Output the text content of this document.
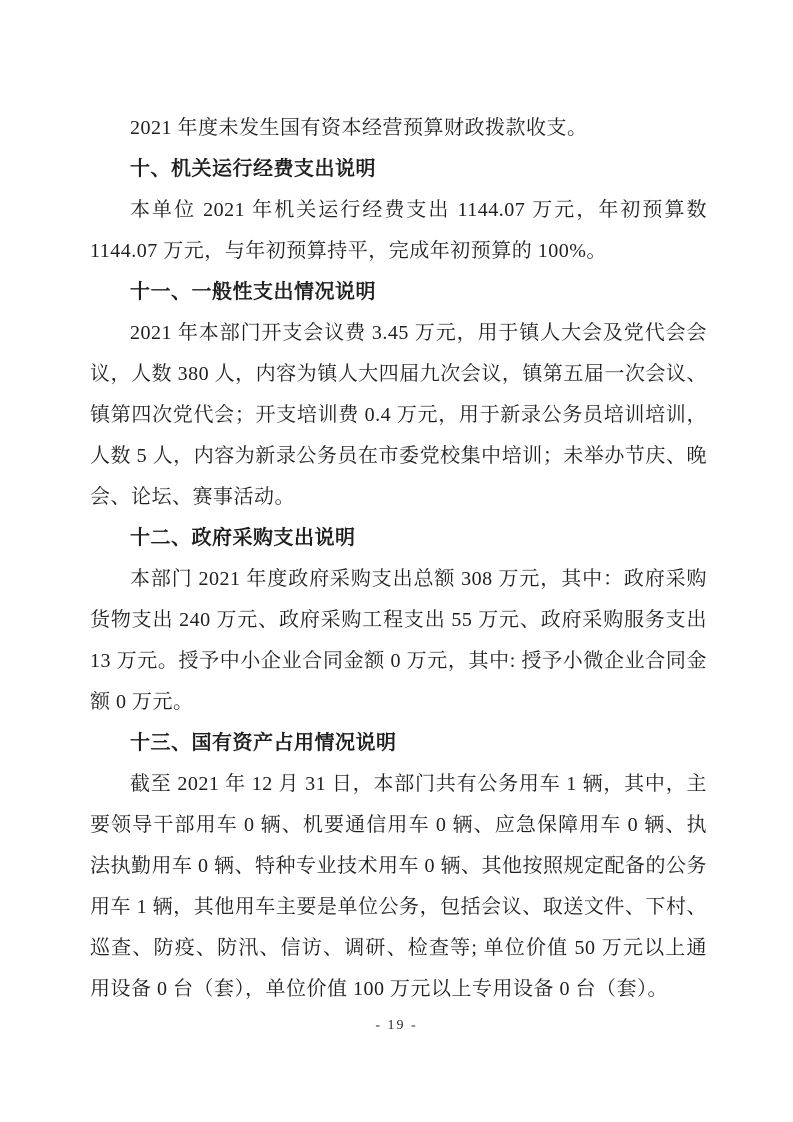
2021 年度未发生国有资本经营预算财政拨款收支。
十、机关运行经费支出说明
本单位 2021 年机关运行经费支出 1144.07 万元，年初预算数 1144.07 万元，与年初预算持平，完成年初预算的 100%。
十一、一般性支出情况说明
2021 年本部门开支会议费 3.45 万元，用于镇人大会及党代会会议，人数 380 人，内容为镇人大四届九次会议，镇第五届一次会议、镇第四次党代会；开支培训费 0.4 万元，用于新录公务员培训培训，人数 5 人，内容为新录公务员在市委党校集中培训；未举办节庆、晚会、论坛、赛事活动。
十二、政府采购支出说明
本部门 2021 年度政府采购支出总额 308 万元，其中：政府采购货物支出 240 万元、政府采购工程支出 55 万元、政府采购服务支出 13 万元。授予中小企业合同金额 0 万元，其中: 授予小微企业合同金额 0 万元。
十三、国有资产占用情况说明
截至 2021 年 12 月 31 日，本部门共有公务用车 1 辆，其中，主要领导干部用车 0 辆、机要通信用车 0 辆、应急保障用车 0 辆、执法执勤用车 0 辆、特种专业技术用车 0 辆、其他按照规定配备的公务用车 1 辆，其他用车主要是单位公务，包括会议、取送文件、下村、巡查、防疫、防汛、信访、调研、检查等; 单位价值 50 万元以上通用设备 0 台（套），单位价值 100 万元以上专用设备 0 台（套）。
- 19 -
